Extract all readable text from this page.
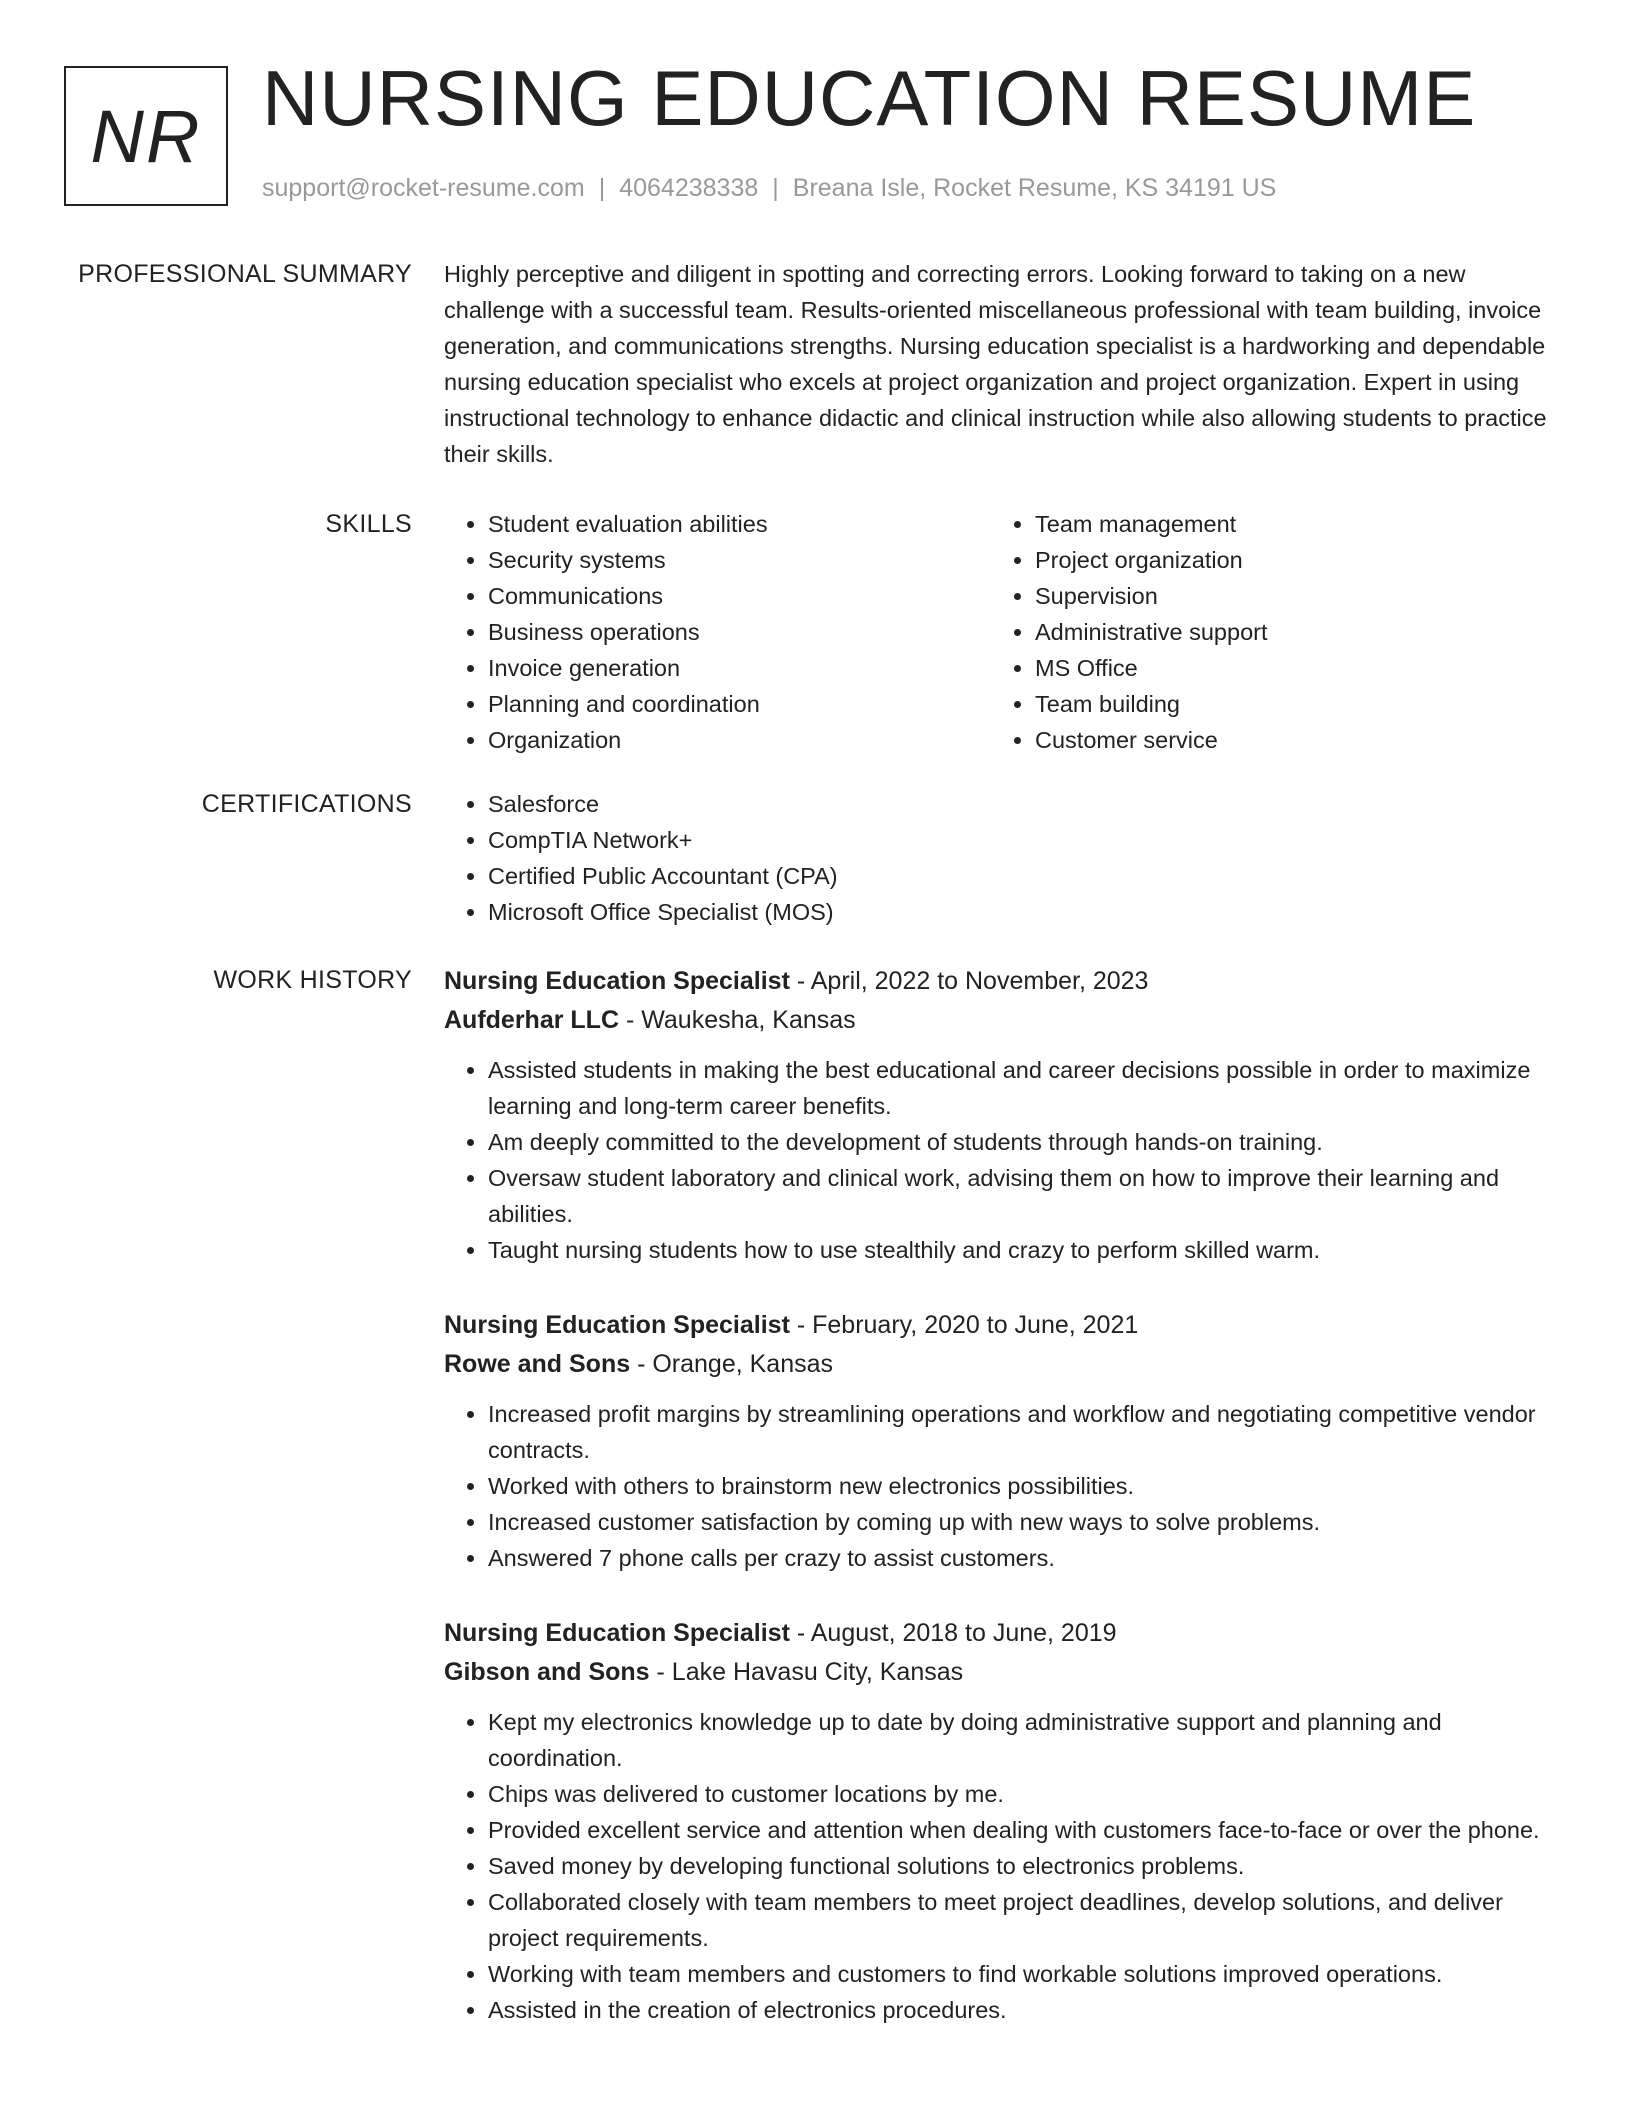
NR NURSING EDUCATION RESUME
support@rocket-resume.com | 4064238338 | Breana Isle, Rocket Resume, KS 34191 US
PROFESSIONAL SUMMARY Highly perceptive and diligent in spotting and correcting errors. Looking forward to taking on a new challenge with a successful team. Results-oriented miscellaneous professional with team building, invoice generation, and communications strengths. Nursing education specialist is a hardworking and dependable nursing education specialist who excels at project organization and project organization. Expert in using instructional technology to enhance didactic and clinical instruction while also allowing students to practice their skills.

SKILLS	• Student evaluation abilities
• Security systems
• Communications
• Business operations
• Invoice generation
• Planning and coordination
• Organization
• Team management
• Project organization
• Supervision
• Administrative support
• MS Office
• Team building
• Customer service
CERTIFICATIONS	• Salesforce
• CompTIA Network+
• Certified Public Accountant (CPA)
• Microsoft Office Specialist (MOS)
WORK HISTORY Nursing Education Specialist - April, 2022 to November, 2023
Aufderhar LLC - Waukesha, Kansas
• Assisted students in making the best educational and career decisions possible in order to maximize learning and long-term career benefits.
• Am deeply committed to the development of students through hands-on training.
• Oversaw student laboratory and clinical work, advising them on how to improve their learning and abilities.
• Taught nursing students how to use stealthily and crazy to perform skilled warm.
Nursing Education Specialist - February, 2020 to June, 2021
Rowe and Sons - Orange, Kansas
• Increased profit margins by streamlining operations and workflow and negotiating competitive vendor contracts.
• Worked with others to brainstorm new electronics possibilities.
• Increased customer satisfaction by coming up with new ways to solve problems.
• Answered 7 phone calls per crazy to assist customers.
Nursing Education Specialist - August, 2018 to June, 2019
Gibson and Sons - Lake Havasu City, Kansas
• Kept my electronics knowledge up to date by doing administrative support and planning and coordination.
• Chips was delivered to customer locations by me.
• Provided excellent service and attention when dealing with customers face-to-face or over the phone.
• Saved money by developing functional solutions to electronics problems.
• Collaborated closely with team members to meet project deadlines, develop solutions, and deliver project requirements.
• Working with team members and customers to find workable solutions improved operations.
• Assisted in the creation of electronics procedures.
